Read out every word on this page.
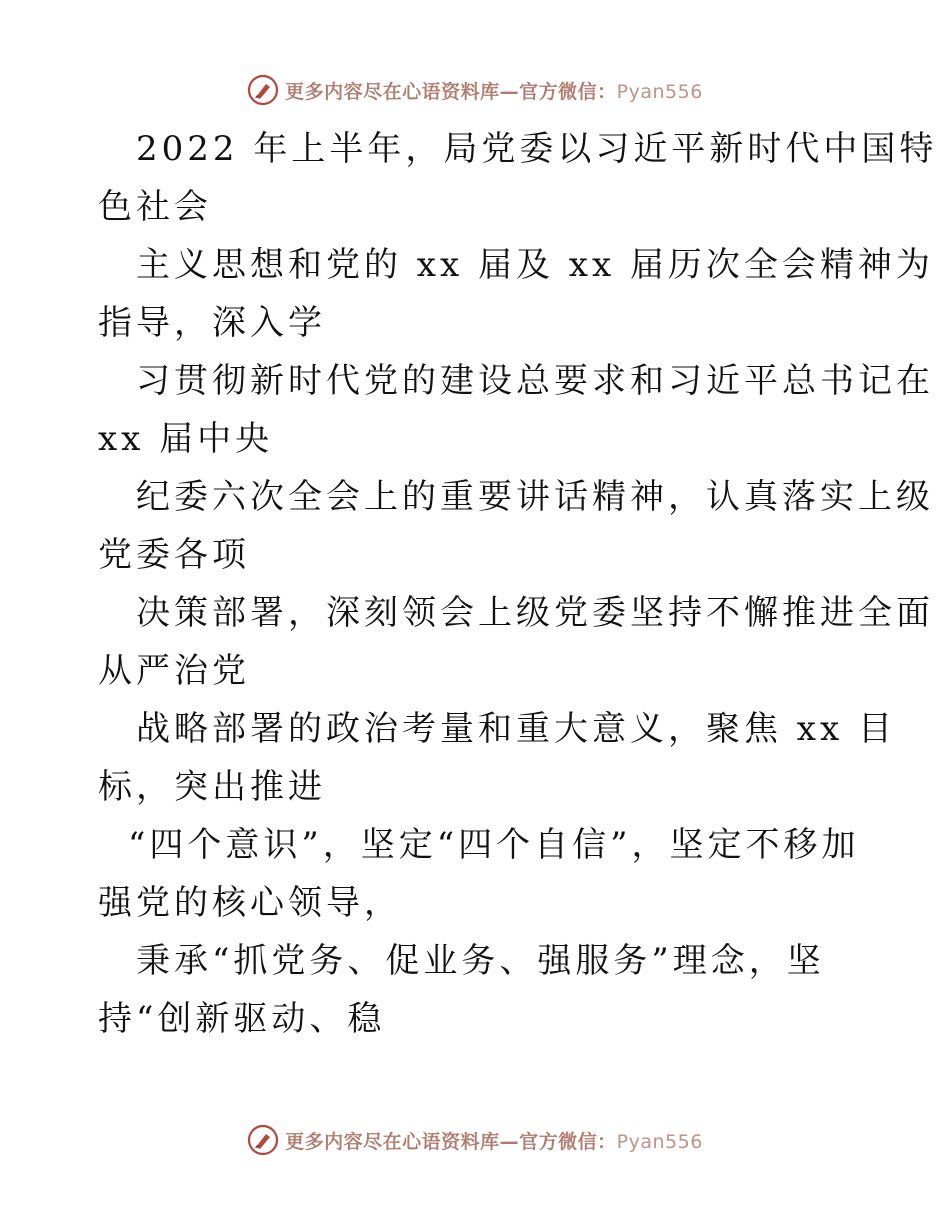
更多内容尽在心语资料库—官方微信：Pyan556
2022 年上半年，局党委以习近平新时代中国特
色社会
主义思想和党的 xx 届及 xx 届历次全会精神为
指导，深入学
习贯彻新时代党的建设总要求和习近平总书记在
xx 届中央
纪委六次全会上的重要讲话精神，认真落实上级
党委各项
决策部署，深刻领会上级党委坚持不懈推进全面
从严治党
战略部署的政治考量和重大意义，聚焦 xx 目
标，突出推进
“四个意识”，坚定“四个自信”，坚定不移加
强党的核心领导，
秉承“抓党务、促业务、强服务”理念，坚
持“创新驱动、稳
更多内容尽在心语资料库—官方微信：Pyan556
